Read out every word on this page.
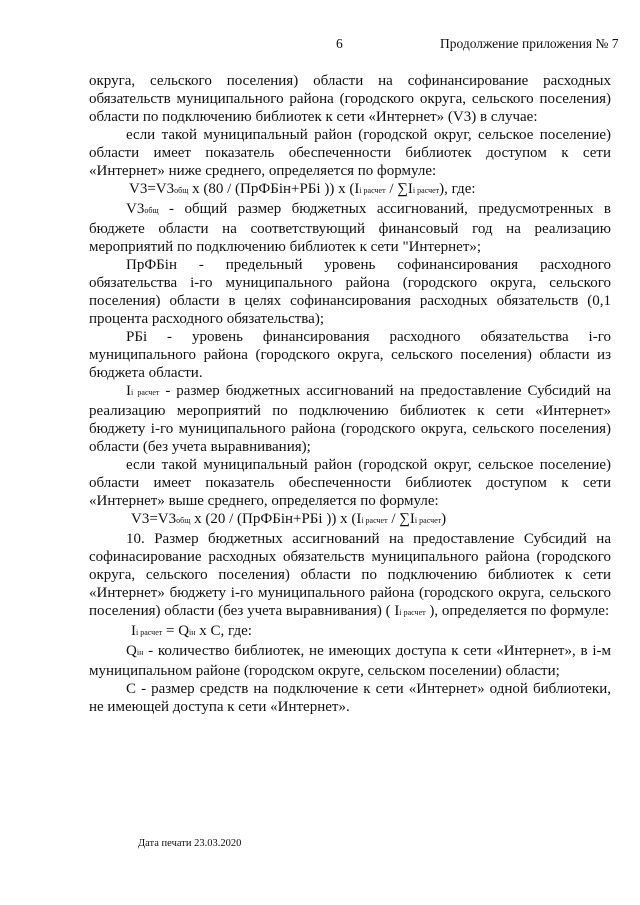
6	Продолжение приложения № 7

округа, сельского поселения) области на софинансирование расходных обязательств муниципального района (городского округа, сельского поселения) области по подключению библиотек к сети «Интернет» (V3) в случае:

если такой муниципальный район (городской округ, сельское поселение) области имеет показатель обеспеченности библиотек доступом к сети «Интернет» ниже среднего, определяется по формуле:

V3=V3общ х (80 / (ПрФБін+РБі )) х (Ii расчет / ∑Ii расчет), где:

V3общ - общий размер бюджетных ассигнований, предусмотренных в бюджете области на соответствующий финансовый год на реализацию мероприятий по подключению библиотек к сети "Интернет»;

ПрФБін - предельный уровень софинансирования расходного обязательства і-го муниципального района (городского округа, сельского поселения) области в целях софинансирования расходных обязательств (0,1 процента расходного обязательства);

РБі - уровень финансирования расходного обязательства і-го муниципального района (городского округа, сельского поселения) области из бюджета области.

Ii расчет - размер бюджетных ассигнований на предоставление Субсидий на реализацию мероприятий по подключению библиотек к сети «Интернет» бюджету і-го муниципального района (городского округа, сельского поселения) области (без учета выравнивания);

если такой муниципальный район (городской округ, сельское поселение) области имеет показатель обеспеченности библиотек доступом к сети «Интернет» выше среднего, определяется по формуле:

V3=V3общ х (20 / (ПрФБін+РБі )) х (Ii расчет / ∑Ii расчет)

10. Размер бюджетных ассигнований на предоставление Субсидий на софинасирование расходных обязательств муниципального района (городского округа, сельского поселения) области по подключению библиотек к сети «Интернет» бюджету і-го муниципального района (городского округа, сельского поселения) области (без учета выравнивания) ( Ii расчет ), определяется по формуле:

Ii расчет = Qiн х C, где:

Qiн - количество библиотек, не имеющих доступа к сети «Интернет», в і-м муниципальном районе (городском округе, сельском поселении) области;

C - размер средств на подключение к сети «Интернет» одной библиотеки, не имеющей доступа к сети «Интернет».

Дата печати 23.03.2020
